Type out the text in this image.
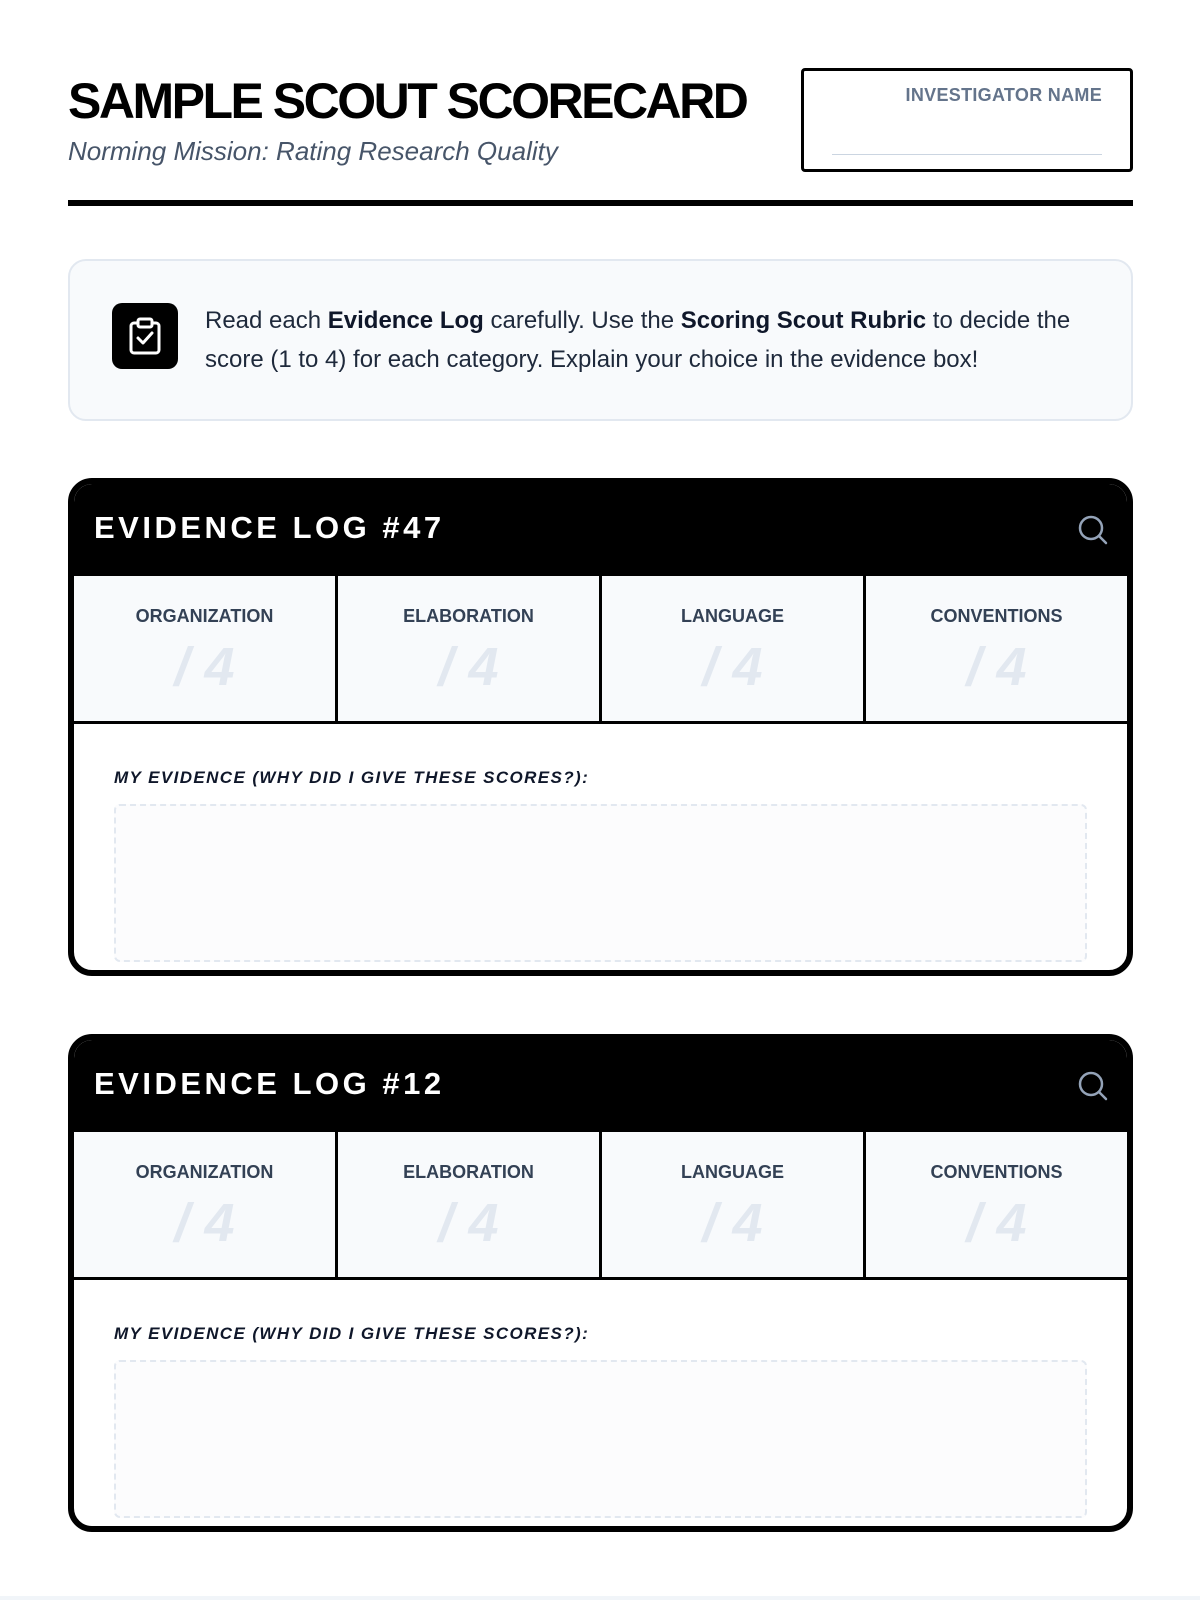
SAMPLE SCOUT SCORECARD
Norming Mission: Rating Research Quality
INVESTIGATOR NAME

Read each Evidence Log carefully. Use the Scoring Scout Rubric to decide the score (1 to 4) for each category. Explain your choice in the evidence box!

EVIDENCE LOG #47
ORGANIZATION
/ 4
ELABORATION
/ 4
LANGUAGE
/ 4
CONVENTIONS
/ 4
MY EVIDENCE (WHY DID I GIVE THESE SCORES?):
EVIDENCE LOG #12
ORGANIZATION
/ 4
ELABORATION
/ 4
LANGUAGE
/ 4
CONVENTIONS
/ 4
MY EVIDENCE (WHY DID I GIVE THESE SCORES?):
